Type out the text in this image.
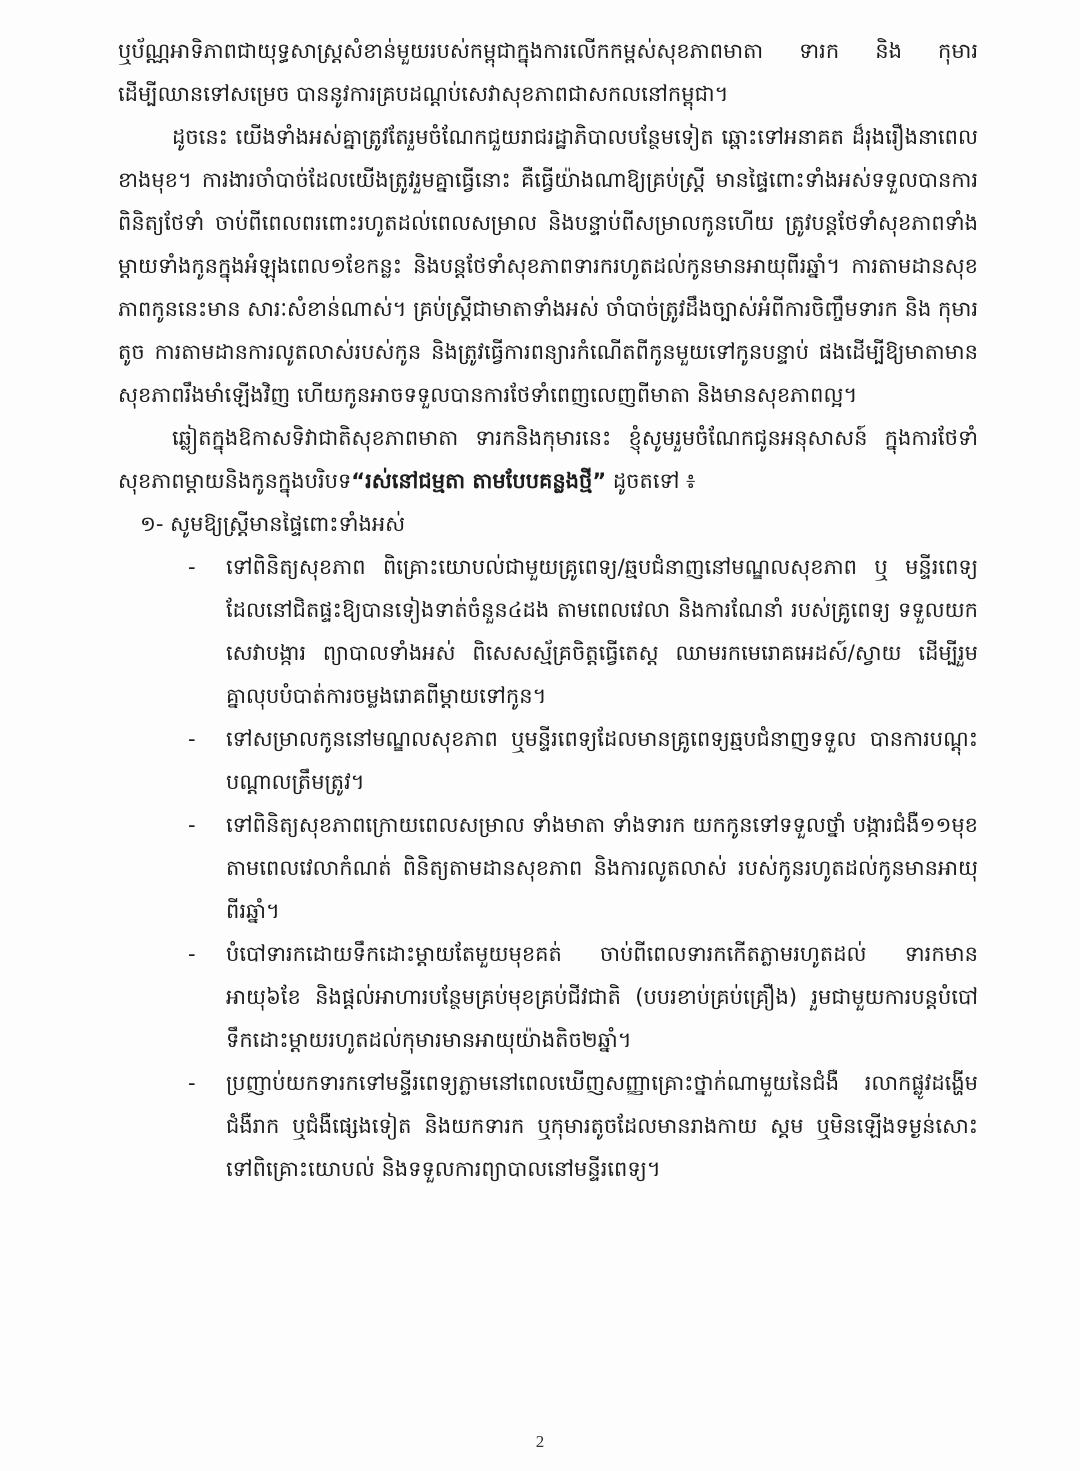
ឬប័ណ្ណអាទិភាពជាយុទ្ធសាស្ត្រសំខាន់មួយរបស់កម្ពុជាក្នុងការលើកកម្ពស់សុខភាពមាតា ទារក និង កុមារ ដើម្បីឈានទៅសម្រេច បាននូវការគ្របដណ្តប់សេវាសុខភាពជាសកលនៅកម្ពុជា។

ដូចនេះ យើងទាំងអស់គ្នាត្រូវតែរួមចំណែកជួយរាជរដ្ឋាភិបាលបន្ថែមទៀត ឆ្ពោះទៅអនាគត ដ៏រុងរឿងនាពេលខាងមុខ។ ការងារចាំបាច់ដែលយើងត្រូវរួមគ្នាធ្វើនោះ គឺធ្វើយ៉ាងណាឱ្យគ្រប់ស្ត្រី មានផ្ទៃពោះទាំងអស់ទទួលបានការពិនិត្យថែទាំ ចាប់ពីពេលពរពោះរហូតដល់ពេលសម្រាល និងបន្ទាប់ពីសម្រាលកូនហើយ ត្រូវបន្តថែទាំសុខភាពទាំងម្តាយទាំងកូនក្នុងអំឡុងពេល១ខែកន្លះ និងបន្តថែទាំសុខភាពទារករហូតដល់កូនមានអាយុពីរឆ្នាំ។ ការតាមដានសុខភាពកូននេះមាន សារៈសំខាន់ណាស់។ គ្រប់ស្ត្រីជាមាតាទាំងអស់ ចាំបាច់ត្រូវដឹងច្បាស់អំពីការចិញ្ចឹមទារក និង កុមារតូច ការតាមដានការលូតលាស់របស់កូន និងត្រូវធ្វើការពន្យារកំណើតពីកូនមួយទៅកូនបន្ទាប់ ផងដើម្បីឱ្យមាតាមានសុខភាពរឹងមាំឡើងវិញ ហើយកូនអាចទទួលបានការថែទាំពេញលេញពីមាតា និងមានសុខភាពល្អ។

ឆ្លៀតក្នុងឱកាសទិវាជាតិសុខភាពមាតា ទារកនិងកុមារនេះ ខ្ញុំសូមរួមចំណែកជូនអនុសាសន៍ ក្នុងការថែទាំសុខភាពម្តាយនិងកូនក្នុងបរិបទ“រស់នៅជម្មតា តាមបែបគន្លងថ្មី” ដូចតទៅ ៖

១- សូមឱ្យស្ត្រីមានផ្ទៃពោះទាំងអស់

- ទៅពិនិត្យសុខភាព ពិគ្រោះយោបល់ជាមួយគ្រូពេទ្យ/ឆ្មបជំនាញនៅមណ្ឌលសុខភាព ឬ មន្ទីរពេទ្យដែលនៅជិតផ្ទះឱ្យបានទៀងទាត់ចំនួន៤ដង តាមពេលវេលា និងការណែនាំ របស់គ្រូពេទ្យ ទទួលយកសេវាបង្ការ ព្យាបាលទាំងអស់ ពិសេសស្ម័គ្រចិត្តធ្វើតេស្ត ឈាមរកមេរោគអេដស៍/ស្វាយ ដើម្បីរួមគ្នាលុបបំបាត់ការចម្លងរោគពីម្តាយទៅកូន។
- ទៅសម្រាលកូននៅមណ្ឌលសុខភាព ឬមន្ទីរពេទ្យដែលមានគ្រូពេទ្យឆ្មបជំនាញទទួល បានការបណ្តុះបណ្តាលត្រឹមត្រូវ។
- ទៅពិនិត្យសុខភាពក្រោយពេលសម្រាល ទាំងមាតា ទាំងទារក យកកូនទៅទទួលថ្នាំ បង្ការជំងឺ១១មុខ តាមពេលវេលាកំណត់ ពិនិត្យតាមដានសុខភាព និងការលូតលាស់ របស់កូនរហូតដល់កូនមានអាយុពីរឆ្នាំ។
- បំបៅទារកដោយទឹកដោះម្តាយតែមួយមុខគត់ ចាប់ពីពេលទារកកើតភ្លាមរហូតដល់ ទារកមានអាយុ៦ខែ និងផ្តល់អាហារបន្ថែមគ្រប់មុខគ្រប់ជីវជាតិ (បបរខាប់គ្រប់គ្រឿង) រួមជាមួយការបន្តបំបៅទឹកដោះម្តាយរហូតដល់កុមារមានអាយុយ៉ាងតិច២ឆ្នាំ។
- ប្រញាប់យកទារកទៅមន្ទីរពេទ្យភ្លាមនៅពេលឃើញសញ្ញាគ្រោះថ្នាក់ណាមួយនៃជំងឺ រលាកផ្លូវដង្ហើម ជំងឺរាក ឬជំងឺផ្សេងទៀត និងយកទារក ឬកុមារតូចដែលមានរាងកាយ ស្គម ឬមិនឡើងទម្ងន់សោះ ទៅពិគ្រោះយោបល់ និងទទួលការព្យាបាលនៅមន្ទីរពេទ្យ។
2
